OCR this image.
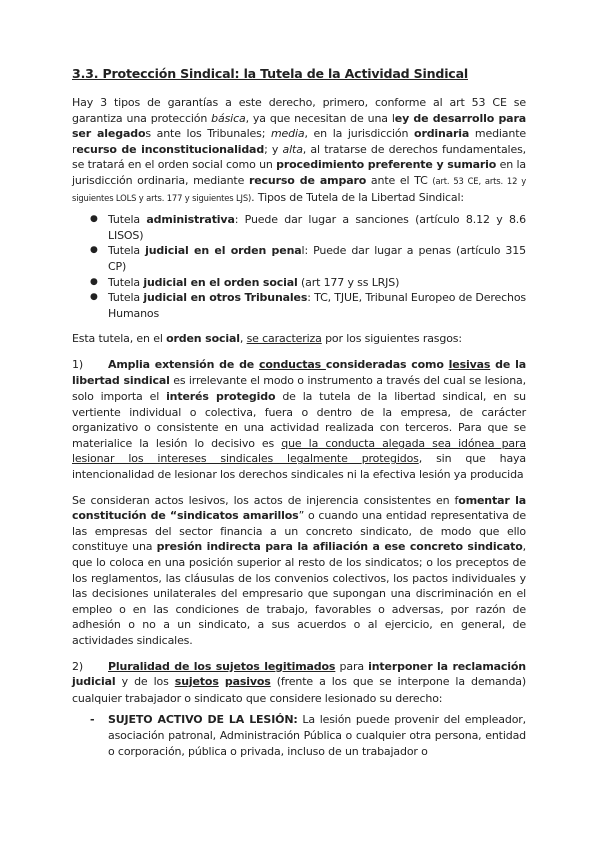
3.3. Protección Sindical: la Tutela de la Actividad Sindical

Hay 3 tipos de garantías a este derecho, primero, conforme al art 53 CE se garantiza una protección básica, ya que necesitan de una ley de desarrollo para ser alegados ante los Tribunales; media, en la jurisdicción ordinaria mediante recurso de inconstitucionalidad; y alta, al tratarse de derechos fundamentales, se tratará en el orden social como un procedimiento preferente y sumario en la jurisdicción ordinaria, mediante recurso de amparo ante el TC (art. 53 CE, arts. 12 y siguientes LOLS y arts. 177 y siguientes LJS). Tipos de Tutela de la Libertad Sindical:

● Tutela administrativa: Puede dar lugar a sanciones (artículo 8.12 y 8.6 LISOS)
● Tutela judicial en el orden penal: Puede dar lugar a penas (artículo 315 CP)
● Tutela judicial en el orden social (art 177 y ss LRJS)
● Tutela judicial en otros Tribunales: TC, TJUE, Tribunal Europeo de Derechos Humanos

Esta tutela, en el orden social, se caracteriza por los siguientes rasgos:

1) Amplia extensión de de conductas consideradas como lesivas de la libertad sindical es irrelevante el modo o instrumento a través del cual se lesiona, solo importa el interés protegido de la tutela de la libertad sindical, en su vertiente individual o colectiva, fuera o dentro de la empresa, de carácter organizativo o consistente en una actividad realizada con terceros. Para que se materialice la lesión lo decisivo es que la conducta alegada sea idónea para lesionar los intereses sindicales legalmente protegidos, sin que haya intencionalidad de lesionar los derechos sindicales ni la efectiva lesión ya producida

Se consideran actos lesivos, los actos de injerencia consistentes en fomentar la constitución de “sindicatos amarillos” o cuando una entidad representativa de las empresas del sector financia a un concreto sindicato, de modo que ello constituye una presión indirecta para la afiliación a ese concreto sindicato, que lo coloca en una posición superior al resto de los sindicatos; o los preceptos de los reglamentos, las cláusulas de los convenios colectivos, los pactos individuales y las decisiones unilaterales del empresario que supongan una discriminación en el empleo o en las condiciones de trabajo, favorables o adversas, por razón de adhesión o no a un sindicato, a sus acuerdos o al ejercicio, en general, de actividades sindicales.

2) Pluralidad de los sujetos legitimados para interponer la reclamación judicial y de los sujetos pasivos (frente a los que se interpone la demanda) cualquier trabajador o sindicato que considere lesionado su derecho:

- SUJETO ACTIVO DE LA LESIÓN: La lesión puede provenir del empleador, asociación patronal, Administración Pública o cualquier otra persona, entidad o corporación, pública o privada, incluso de un trabajador o
